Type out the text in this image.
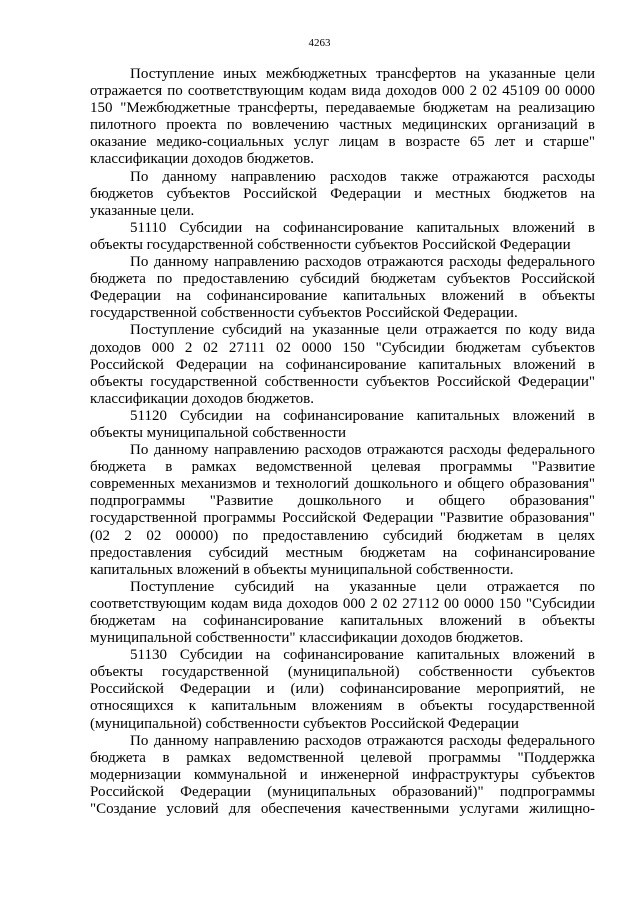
4263
Поступление иных межбюджетных трансфертов на указанные цели
отражается по соответствующим кодам вида доходов 000 2 02 45109 00 0000
150 "Межбюджетные трансферты, передаваемые бюджетам на реализацию
пилотного проекта по вовлечению частных медицинских организаций в
оказание медико-социальных услуг лицам в возрасте 65 лет и старше"
классификации доходов бюджетов.
По данному направлению расходов также отражаются расходы
бюджетов субъектов Российской Федерации и местных бюджетов на
указанные цели.
51110 Субсидии на софинансирование капитальных вложений в
объекты государственной собственности субъектов Российской Федерации
По данному направлению расходов отражаются расходы федерального
бюджета по предоставлению субсидий бюджетам субъектов Российской
Федерации на софинансирование капитальных вложений в объекты
государственной собственности субъектов Российской Федерации.
Поступление субсидий на указанные цели отражается по коду вида
доходов 000 2 02 27111 02 0000 150 "Субсидии бюджетам субъектов
Российской Федерации на софинансирование капитальных вложений в
объекты государственной собственности субъектов Российской Федерации"
классификации доходов бюджетов.
51120 Субсидии на софинансирование капитальных вложений в
объекты муниципальной собственности
По данному направлению расходов отражаются расходы федерального
бюджета в рамках ведомственной целевая программы "Развитие
современных механизмов и технологий дошкольного и общего образования"
подпрограммы "Развитие дошкольного и общего образования"
государственной программы Российской Федерации "Развитие образования"
(02 2 02 00000) по предоставлению субсидий бюджетам в целях
предоставления субсидий местным бюджетам на софинансирование
капитальных вложений в объекты муниципальной собственности.
Поступление субсидий на указанные цели отражается по
соответствующим кодам вида доходов 000 2 02 27112 00 0000 150 "Субсидии
бюджетам на софинансирование капитальных вложений в объекты
муниципальной собственности" классификации доходов бюджетов.
51130 Субсидии на софинансирование капитальных вложений в
объекты государственной (муниципальной) собственности субъектов
Российской Федерации и (или) софинансирование мероприятий, не
относящихся к капитальным вложениям в объекты государственной
(муниципальной) собственности субъектов Российской Федерации
По данному направлению расходов отражаются расходы федерального
бюджета в рамках ведомственной целевой программы "Поддержка
модернизации коммунальной и инженерной инфраструктуры субъектов
Российской Федерации (муниципальных образований)" подпрограммы
"Создание условий для обеспечения качественными услугами жилищно-
